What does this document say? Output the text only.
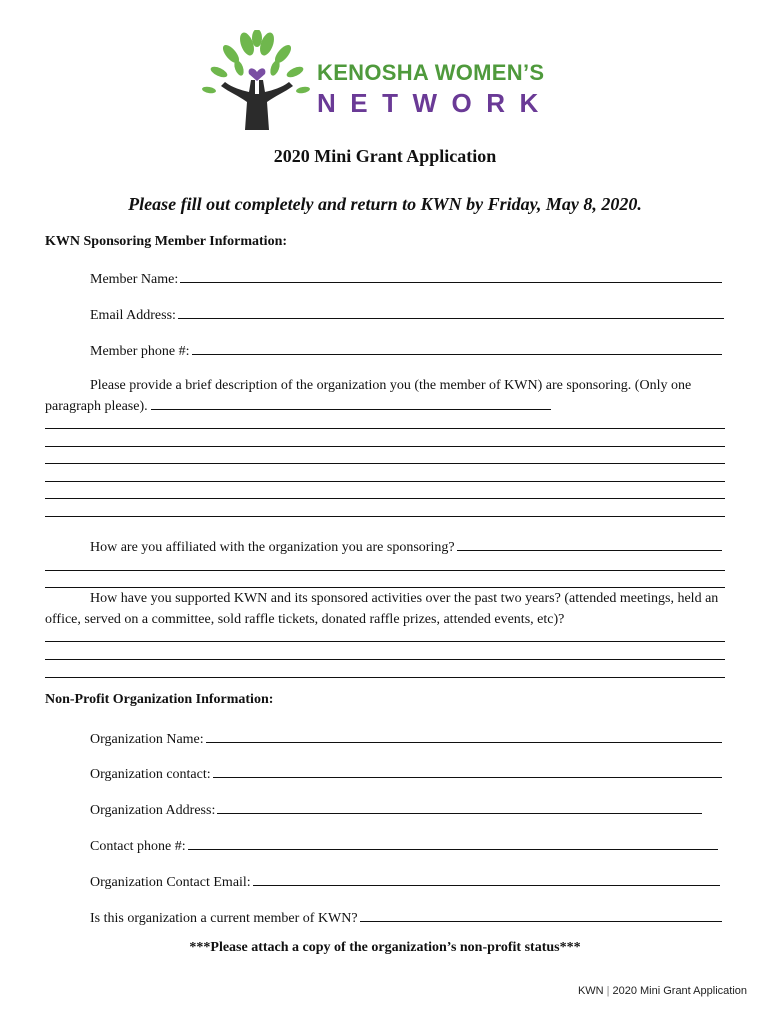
KENOSHA WOMEN’S
NETWORK
2020 Mini Grant Application
Please fill out completely and return to KWN by Friday, May 8, 2020.
KWN Sponsoring Member Information:
Member Name:
Email Address:
Member phone #:
Please provide a brief description of the organization you (the member of KWN) are sponsoring. (Only one paragraph please).
How are you affiliated with the organization you are sponsoring?
How have you supported KWN and its sponsored activities over the past two years? (attended meetings, held an office, served on a committee, sold raffle tickets, donated raffle prizes, attended events, etc)?
Non-Profit Organization Information:
Organization Name:
Organization contact:
Organization Address:
Contact phone #:
Organization Contact Email:
Is this organization a current member of KWN?
***Please attach a copy of the organization’s non-profit status***
KWN | 2020 Mini Grant Application
